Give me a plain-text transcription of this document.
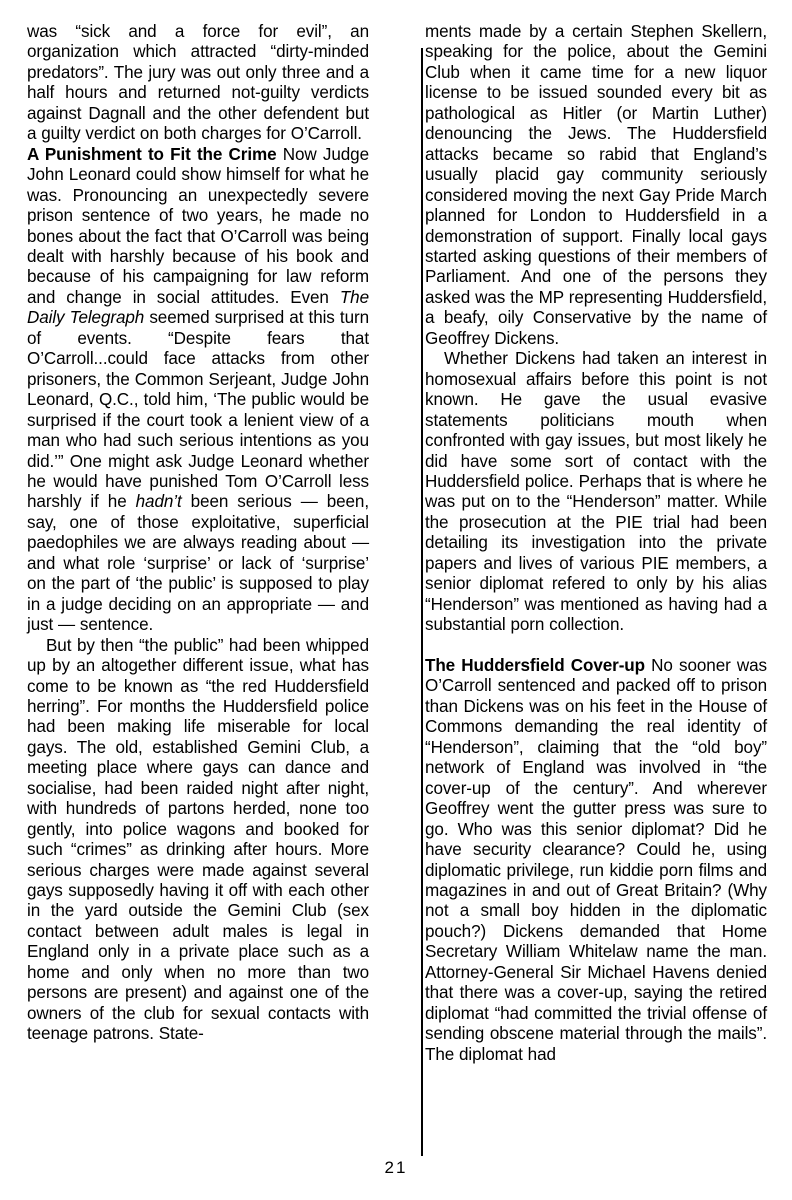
was “sick and a force for evil”, an organization which attracted “dirty-minded predators”. The jury was out only three and a half hours and returned not-guilty verdicts against Dagnall and the other defendent but a guilty verdict on both charges for O’Carroll.

A Punishment to Fit the Crime Now Judge John Leonard could show himself for what he was. Pronouncing an unexpectedly severe prison sentence of two years, he made no bones about the fact that O’Carroll was being dealt with harshly because of his book and because of his campaigning for law reform and change in social attitudes. Even The Daily Telegraph seemed surprised at this turn of events. “Despite fears that O’Carroll...could face attacks from other prisoners, the Common Serjeant, Judge John Leonard, Q.C., told him, ‘The public would be surprised if the court took a lenient view of a man who had such serious intentions as you did.’” One might ask Judge Leonard whether he would have punished Tom O’Carroll less harshly if he hadn’t been serious — been, say, one of those exploitative, superficial paedophiles we are always reading about — and what role ‘surprise’ or lack of ‘surprise’ on the part of ‘the public’ is supposed to play in a judge deciding on an appropriate — and just — sentence.

But by then “the public” had been whipped up by an altogether different issue, what has come to be known as “the red Huddersfield herring”. For months the Huddersfield police had been making life miserable for local gays. The old, established Gemini Club, a meeting place where gays can dance and socialise, had been raided night after night, with hundreds of partons herded, none too gently, into police wagons and booked for such “crimes” as drinking after hours. More serious charges were made against several gays supposedly having it off with each other in the yard outside the Gemini Club (sex contact between adult males is legal in England only in a private place such as a home and only when no more than two persons are present) and against one of the owners of the club for sexual contacts with teenage patrons. State-

ments made by a certain Stephen Skellern, speaking for the police, about the Gemini Club when it came time for a new liquor license to be issued sounded every bit as pathological as Hitler (or Martin Luther) denouncing the Jews. The Huddersfield attacks became so rabid that England’s usually placid gay community seriously considered moving the next Gay Pride March planned for London to Huddersfield in a demonstration of support. Finally local gays started asking questions of their members of Parliament. And one of the persons they asked was the MP representing Huddersfield, a beafy, oily Conservative by the name of Geoffrey Dickens.

Whether Dickens had taken an interest in homosexual affairs before this point is not known. He gave the usual evasive statements politicians mouth when confronted with gay issues, but most likely he did have some sort of contact with the Huddersfield police. Perhaps that is where he was put on to the “Henderson” matter. While the prosecution at the PIE trial had been detailing its investigation into the private papers and lives of various PIE members, a senior diplomat refered to only by his alias “Henderson” was mentioned as having had a substantial porn collection.

The Huddersfield Cover-up No sooner was O’Carroll sentenced and packed off to prison than Dickens was on his feet in the House of Commons demanding the real identity of “Henderson”, claiming that the “old boy” network of England was involved in “the cover-up of the century”. And wherever Geoffrey went the gutter press was sure to go. Who was this senior diplomat? Did he have security clearance? Could he, using diplomatic privilege, run kiddie porn films and magazines in and out of Great Britain? (Why not a small boy hidden in the diplomatic pouch?) Dickens demanded that Home Secretary William Whitelaw name the man. Attorney-General Sir Michael Havens denied that there was a cover-up, saying the retired diplomat “had committed the trivial offense of sending obscene material through the mails”. The diplomat had

21
